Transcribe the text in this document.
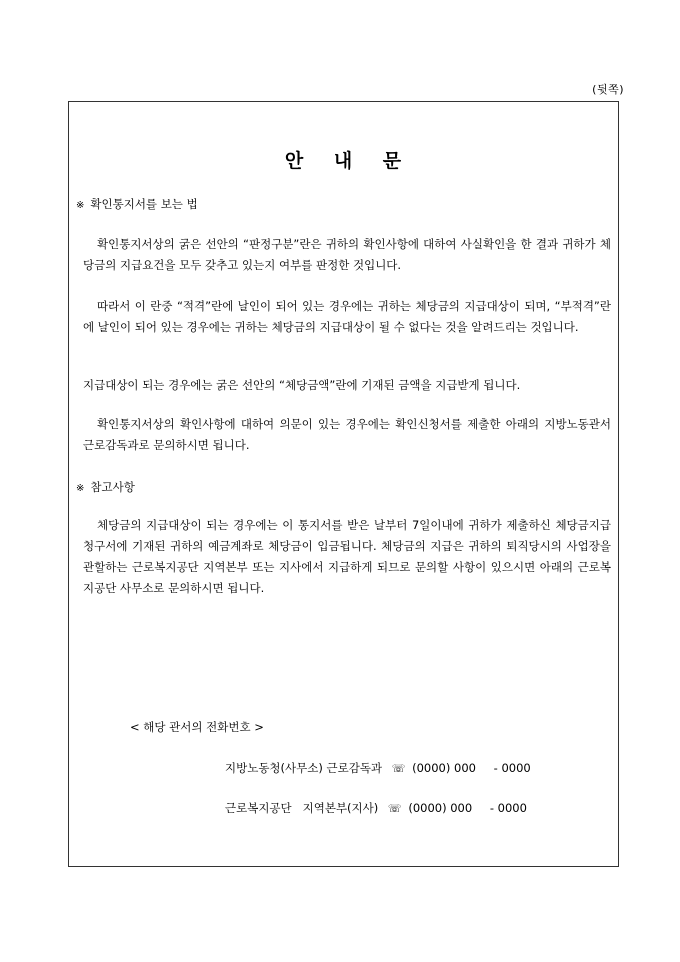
(뒷쪽)
안 내 문
※ 확인통지서를 보는 법
확인통지서상의 굵은 선안의 “판정구분”란은 귀하의 확인사항에 대하여 사실확인을 한 결과 귀하가 체당금의 지급요건을 모두 갖추고 있는지 여부를 판정한 것입니다.
따라서 이 란중 “적격”란에 날인이 되어 있는 경우에는 귀하는 체당금의 지급대상이 되며, “부적격”란에 날인이 되어 있는 경우에는 귀하는 체당금의 지급대상이 될 수 없다는 것을 알려드리는 것입니다.
지급대상이 되는 경우에는 굵은 선안의 “체당금액”란에 기재된 금액을 지급받게 됩니다.
확인통지서상의 확인사항에 대하여 의문이 있는 경우에는 확인신청서를 제출한 아래의 지방노동관서 근로감독과로 문의하시면 됩니다.
※ 참고사항
체당금의 지급대상이 되는 경우에는 이 통지서를 받은 날부터 7일이내에 귀하가 제출하신 체당금지급청구서에 기재된 귀하의 예금계좌로 체당금이 입금됩니다. 체당금의 지급은 귀하의 퇴직당시의 사업장을 관할하는 근로복지공단 지역본부 또는 지사에서 지급하게 되므로 문의할 사항이 있으시면 아래의 근로복지공단 사무소로 문의하시면 됩니다.
< 해당 관서의 전화번호 >
지방노동청(사무소) 근로감독과 ☏ (0000) 000 - 0000
근로복지공단   지역본부(지사) ☏ (0000) 000 - 0000
